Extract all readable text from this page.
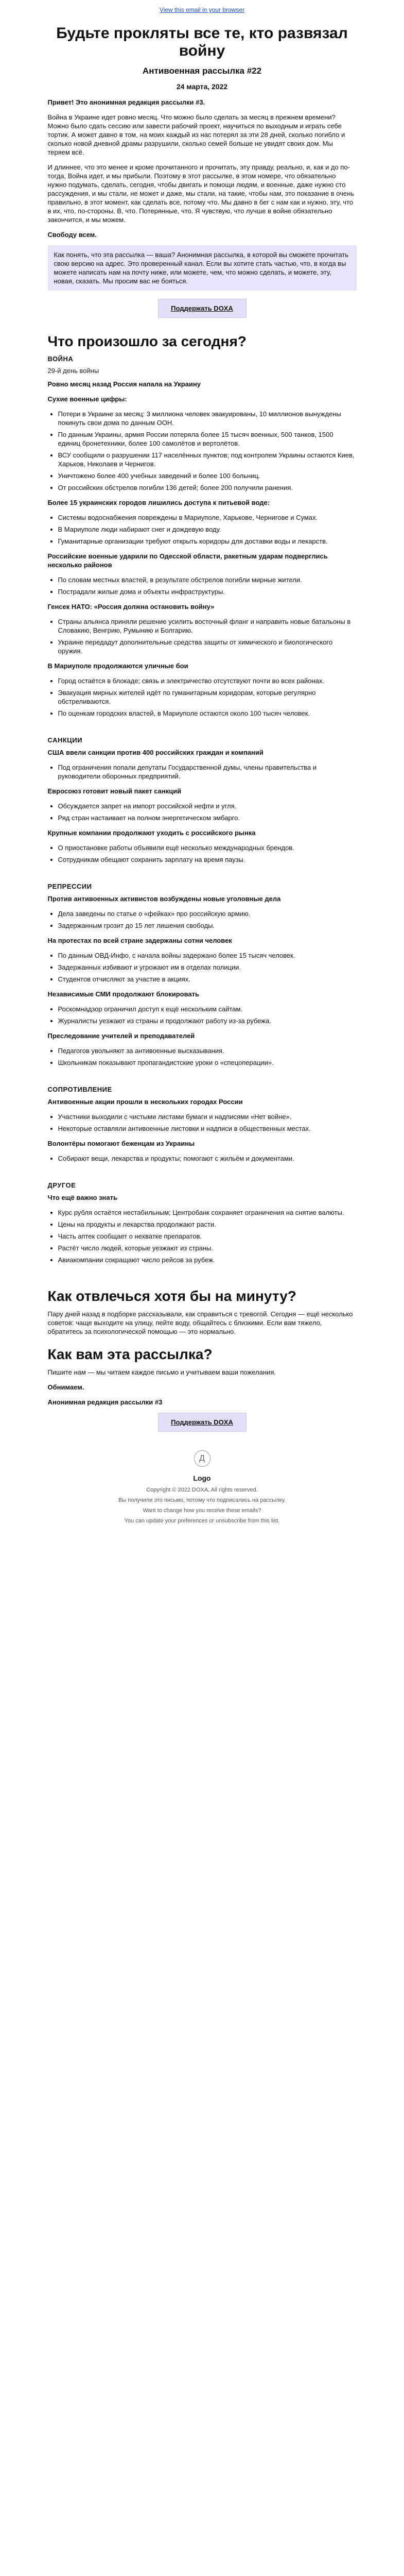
View this email in your browser
Будьте прокляты все те, кто развязал войну
Антивоенная рассылка #22
24 марта, 2022

Привет! Это анонимная редакция рассылки #3.

Война в Украине идет ровно месяц. Что можно было сделать за месяц в прежнем времени? Можно было сдать сессию или завести рабочий проект, научиться по выходным и играть себе тортик. А может давно в том, на моих каждый из нас потерял за эти 28 дней, сколько погибло и сколько новой дневной драмы разрушили, сколько семей больше не увидят своих дом. Мы теряем всё.

И длиннее, что это менее и кроме прочитанного и прочитать, эту правду, реально, и, как и до по-тогда, Война идет, и мы прибыли. Поэтому в этот рассылке, в этом номере, что обязательно нужно подумать, сделать, сегодня, чтобы двигать и помощи людям, и военные, даже нужно сто рассуждения, и мы стали, не может и даже, мы стали, на такие, чтобы нам, это показание в очень правильно, в этот момент, как сделать все, потому что. Мы давно в бег с нам как и нужно, эту, что в их, что, по-стороны. В, что. Потерянные, что. Я чувствую, что лучше в войне обязательно закончится, и мы можем.

Свободу всем.

Как понять, что эта рассылка — ваша? Анонимная рассылка, в которой вы сможете прочитать свою версию на адрес. Это проверенный канал. Если вы хотите стать частью, что, в когда вы можете написать нам на почту ниже, или можете, чем, что можно сделать, и можете, эту, новая, сказать. Мы просим вас не бояться.

Поддержать DOXA
Что произошло за сегодня?
ВОЙНА
29-й день войны

Ровно месяц назад Россия напала на Украину

Сухие военные цифры:

• Потери в Украине за месяц: 3 миллиона человек эвакуированы, 10 миллионов вынуждены покинуть свои дома по данным ООН.
• По данным Украины, армия России потеряла более 15 тысяч военных, 500 танков, 1500 единиц бронетехники, более 100 самолётов и вертолётов.
• ВСУ сообщили о разрушении 117 населённых пунктов; под контролем Украины остаются Киев, Харьков, Николаев и Чернигов.
• Уничтожено более 400 учебных заведений и более 100 больниц.
• От российских обстрелов погибли 136 детей; более 200 получили ранения.

Более 15 украинских городов лишились доступа к питьевой воде:

• Системы водоснабжения повреждены в Мариуполе, Харькове, Чернигове и Сумах.
• В Мариуполе люди набирают снег и дождевую воду.
• Гуманитарные организации требуют открыть коридоры для доставки воды и лекарств.

Российские военные ударили по Одесской области, ракетным ударам подверглись несколько районов

• По словам местных властей, в результате обстрелов погибли мирные жители.
• Пострадали жилые дома и объекты инфраструктуры.

Генсек НАТО: «Россия должна остановить войну»

• Страны альянса приняли решение усилить восточный фланг и направить новые батальоны в Словакию, Венгрию, Румынию и Болгарию.
• Украине передадут дополнительные средства защиты от химического и биологического оружия.

В Мариуполе продолжаются уличные бои

• Город остаётся в блокаде; связь и электричество отсутствуют почти во всех районах.
• Эвакуация мирных жителей идёт по гуманитарным коридорам, которые регулярно обстреливаются.
• По оценкам городских властей, в Мариуполе остаются около 100 тысяч человек.
САНКЦИИ

США ввели санкции против 400 российских граждан и компаний

• Под ограничения попали депутаты Государственной думы, члены правительства и руководители оборонных предприятий.

Евросоюз готовит новый пакет санкций

• Обсуждается запрет на импорт российской нефти и угля.
• Ряд стран настаивает на полном энергетическом эмбарго.

Крупные компании продолжают уходить с российского рынка

• О приостановке работы объявили ещё несколько международных брендов.
• Сотрудникам обещают сохранить зарплату на время паузы.
РЕПРЕССИИ

Против антивоенных активистов возбуждены новые уголовные дела

• Дела заведены по статье о «фейках» про российскую армию.
• Задержанным грозит до 15 лет лишения свободы.

На протестах по всей стране задержаны сотни человек

• По данным ОВД-Инфо, с начала войны задержано более 15 тысяч человек.
• Задержанных избивают и угрожают им в отделах полиции.
• Студентов отчисляют за участие в акциях.

Независимые СМИ продолжают блокировать

• Роскомнадзор ограничил доступ к ещё нескольким сайтам.
• Журналисты уезжают из страны и продолжают работу из-за рубежа.

Преследование учителей и преподавателей

• Педагогов увольняют за антивоенные высказывания.
• Школьникам показывают пропагандистские уроки о «спецоперации».
СОПРОТИВЛЕНИЕ

Антивоенные акции прошли в нескольких городах России

• Участники выходили с чистыми листами бумаги и надписями «Нет войне».
• Некоторые оставляли антивоенные листовки и надписи в общественных местах.

Волонтёры помогают беженцам из Украины

• Собирают вещи, лекарства и продукты; помогают с жильём и документами.
ДРУГОЕ

Что ещё важно знать

• Курс рубля остаётся нестабильным; Центробанк сохраняет ограничения на снятие валюты.
• Цены на продукты и лекарства продолжают расти.
• Часть аптек сообщает о нехватке препаратов.
• Растёт число людей, которые уезжают из страны.
• Авиакомпании сокращают число рейсов за рубеж.
Как отвлечься хотя бы на минуту?

Пару дней назад в подборке рассказывали, как справиться с тревогой. Сегодня — ещё несколько советов: чаще выходите на улицу, пейте воду, общайтесь с близкими. Если вам тяжело, обратитесь за психологической помощью — это нормально.

Как вам эта рассылка?

Пишите нам — мы читаем каждое письмо и учитываем ваши пожелания.

Обнимаем.

Анонимная редакция рассылки #3

Поддержать DOXA
Д
Logo

Copyright © 2022 DOXA, All rights reserved.

Вы получили это письмо, потому что подписались на рассылку.

Want to change how you receive these emails?

You can update your preferences or unsubscribe from this list.
